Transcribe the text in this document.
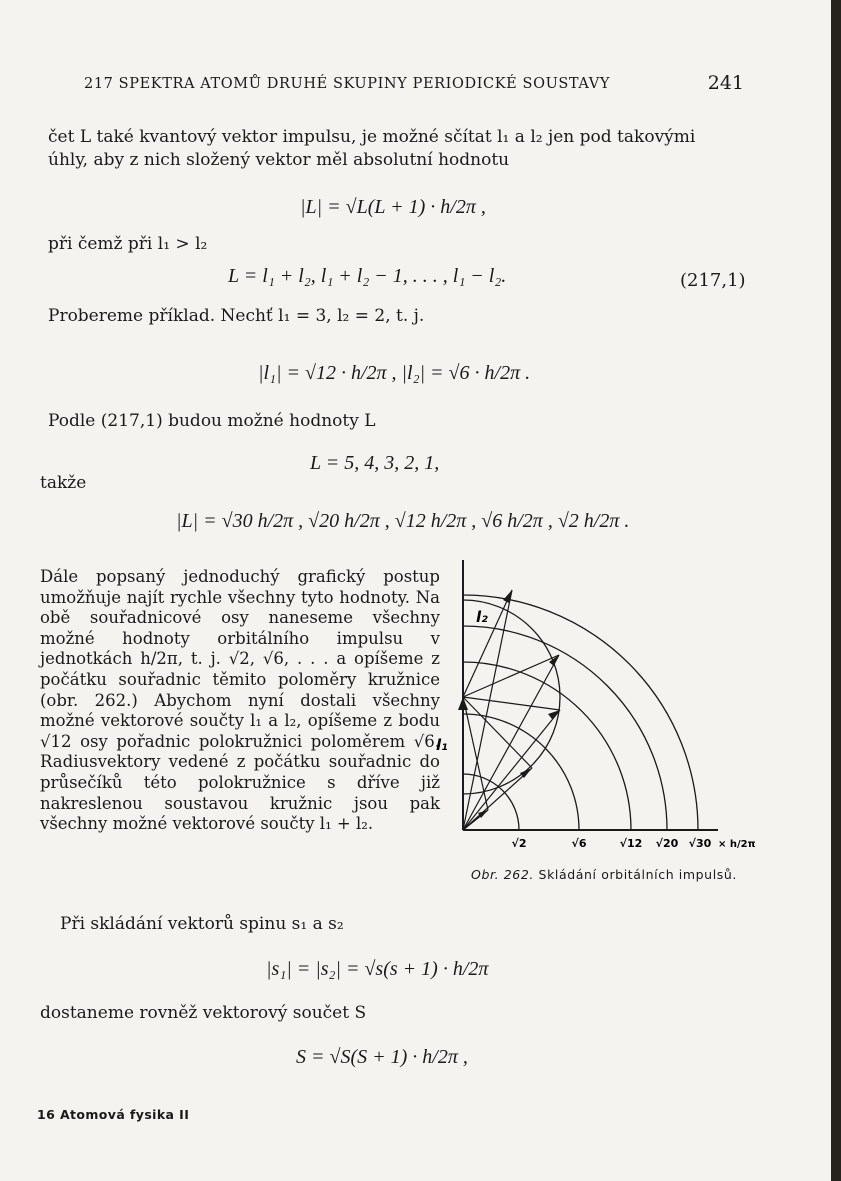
217 SPEKTRA ATOMŮ DRUHÉ SKUPINY PERIODICKÉ SOUSTAVY	241
čet L také kvantový vektor impulsu, je možné sčítat l₁ a l₂ jen pod takovými
úhly, aby z nich složený vektor měl absolutní hodnotu
|L| = √L(L + 1) · h/2π ,
při čemž při l₁ > l₂
L = l₁ + l₂, l₁ + l₂ − 1, . . . , l₁ − l₂.	(217,1)
Probereme příklad. Nechť l₁ = 3, l₂ = 2, t. j.
|l₁| = √12 · h/2π , |l₂| = √6 · h/2π .
Podle (217,1) budou možné hodnoty L
L = 5, 4, 3, 2, 1,
takže
|L| = √30 h/2π , √20 h/2π , √12 h/2π , √6 h/2π , √2 h/2π .

Dále popsaný jednoduchý grafický postup umožňuje najít rychle všechny tyto hodnoty. Na obě souřadnicové osy naneseme všechny možné hodnoty orbitálního impulsu v jednotkách h/2π, t. j. √2, √6, . . . a opíšeme z počátku souřadnic těmito poloměry kružnice (obr. 262.) Abychom nyní dostali všechny možné vektorové součty l₁ a l₂, opíšeme z bodu √12 osy pořadnic polokružnici poloměrem √6. Radiusvektory vedené z počátku souřadnic do průsečíků této polokružnice s dříve již nakreslenou soustavou kružnic jsou pak všechny možné vektorové součty l₁ + l₂.

l₂
l₁
√2	√6	√12 √20 √30 × h/2π
Obr. 262. Skládání orbitálních impulsů.
Při skládání vektorů spinu s₁ a s₂
|s₁| = |s₂| = √s(s + 1) · h/2π
dostaneme rovněž vektorový součet S
S = √S(S + 1) · h/2π ,
16 Atomová fysika II
